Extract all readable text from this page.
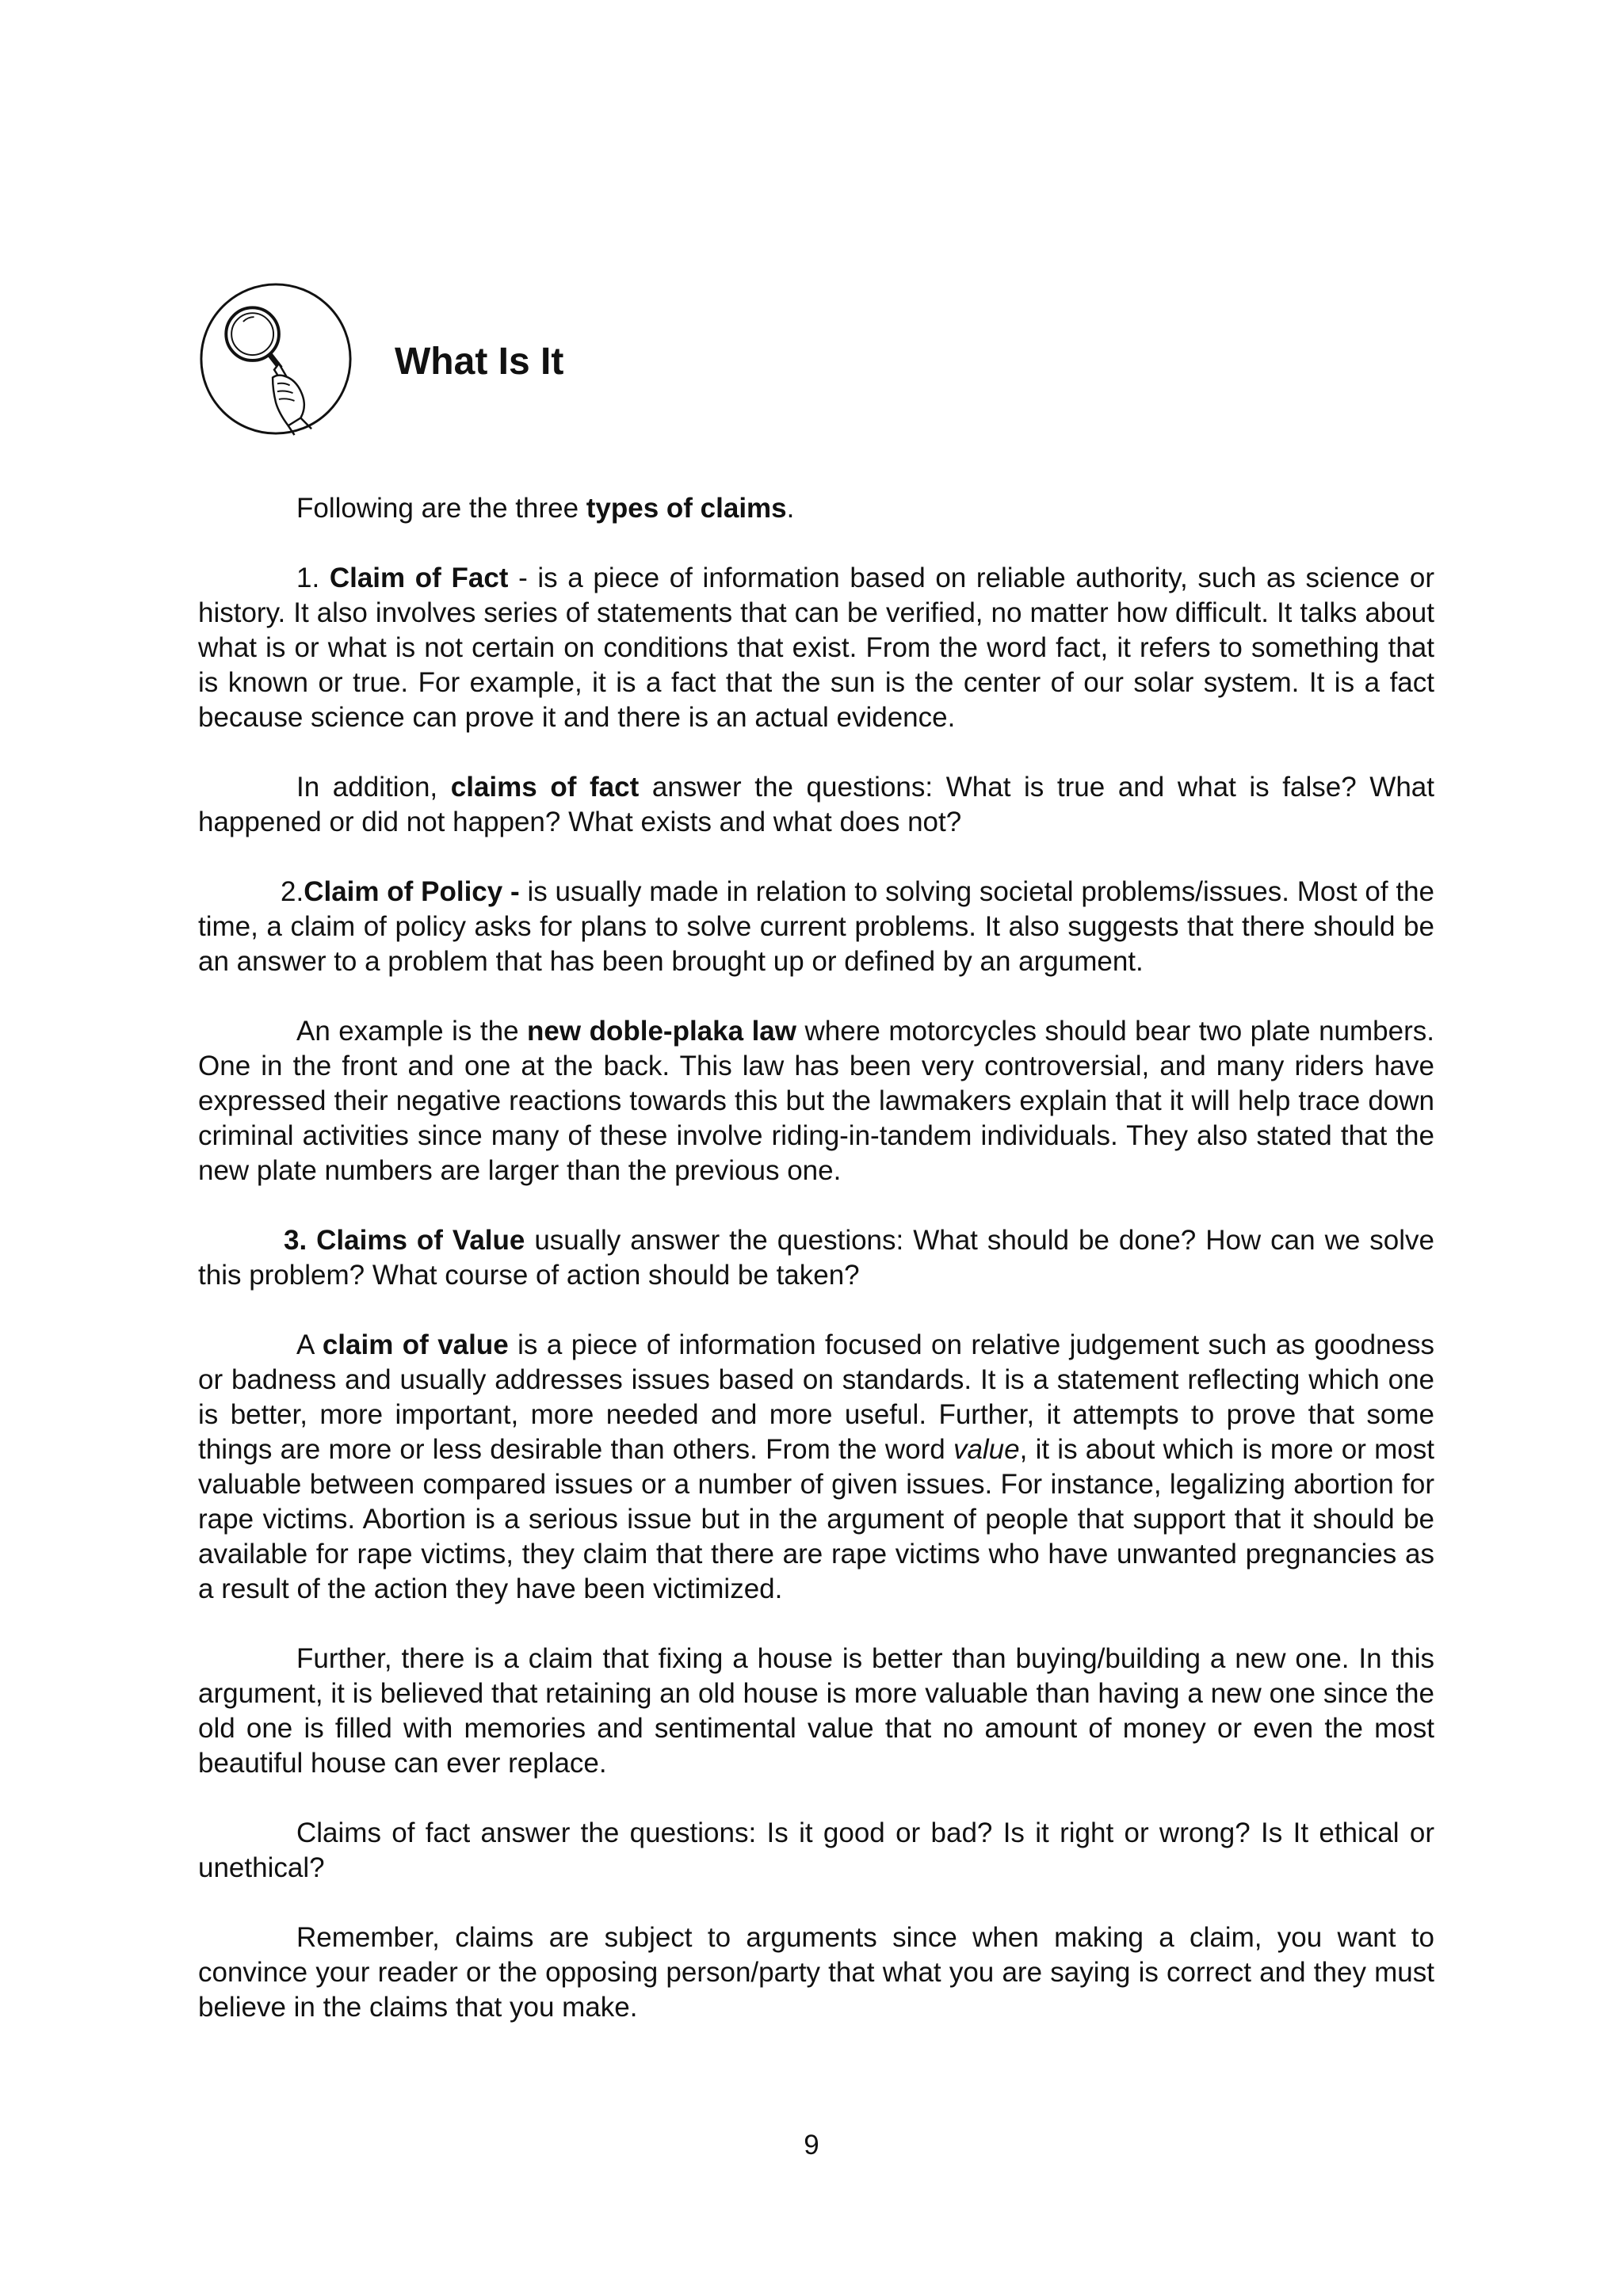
What Is It

Following are the three types of claims.

1. Claim of Fact - is a piece of information based on reliable authority, such as science or history. It also involves series of statements that can be verified, no matter how difficult. It talks about what is or what is not certain on conditions that exist. From the word fact, it refers to something that is known or true. For example, it is a fact that the sun is the center of our solar system. It is a fact because science can prove it and there is an actual evidence.

In addition, claims of fact answer the questions: What is true and what is false? What happened or did not happen? What exists and what does not?

2.Claim of Policy - is usually made in relation to solving societal problems/issues. Most of the time, a claim of policy asks for plans to solve current problems. It also suggests that there should be an answer to a problem that has been brought up or defined by an argument.

An example is the new doble-plaka law where motorcycles should bear two plate numbers. One in the front and one at the back. This law has been very controversial, and many riders have expressed their negative reactions towards this but the lawmakers explain that it will help trace down criminal activities since many of these involve riding-in-tandem individuals. They also stated that the new plate numbers are larger than the previous one.

3. Claims of Value usually answer the questions: What should be done? How can we solve this problem? What course of action should be taken?

A claim of value is a piece of information focused on relative judgement such as goodness or badness and usually addresses issues based on standards. It is a statement reflecting which one is better, more important, more needed and more useful. Further, it attempts to prove that some things are more or less desirable than others. From the word value, it is about which is more or most valuable between compared issues or a number of given issues. For instance, legalizing abortion for rape victims. Abortion is a serious issue but in the argument of people that support that it should be available for rape victims, they claim that there are rape victims who have unwanted pregnancies as a result of the action they have been victimized.

Further, there is a claim that fixing a house is better than buying/building a new one. In this argument, it is believed that retaining an old house is more valuable than having a new one since the old one is filled with memories and sentimental value that no amount of money or even the most beautiful house can ever replace.

Claims of fact answer the questions: Is it good or bad? Is it right or wrong? Is It ethical or unethical?

Remember, claims are subject to arguments since when making a claim, you want to convince your reader or the opposing person/party that what you are saying is correct and they must believe in the claims that you make.

9
